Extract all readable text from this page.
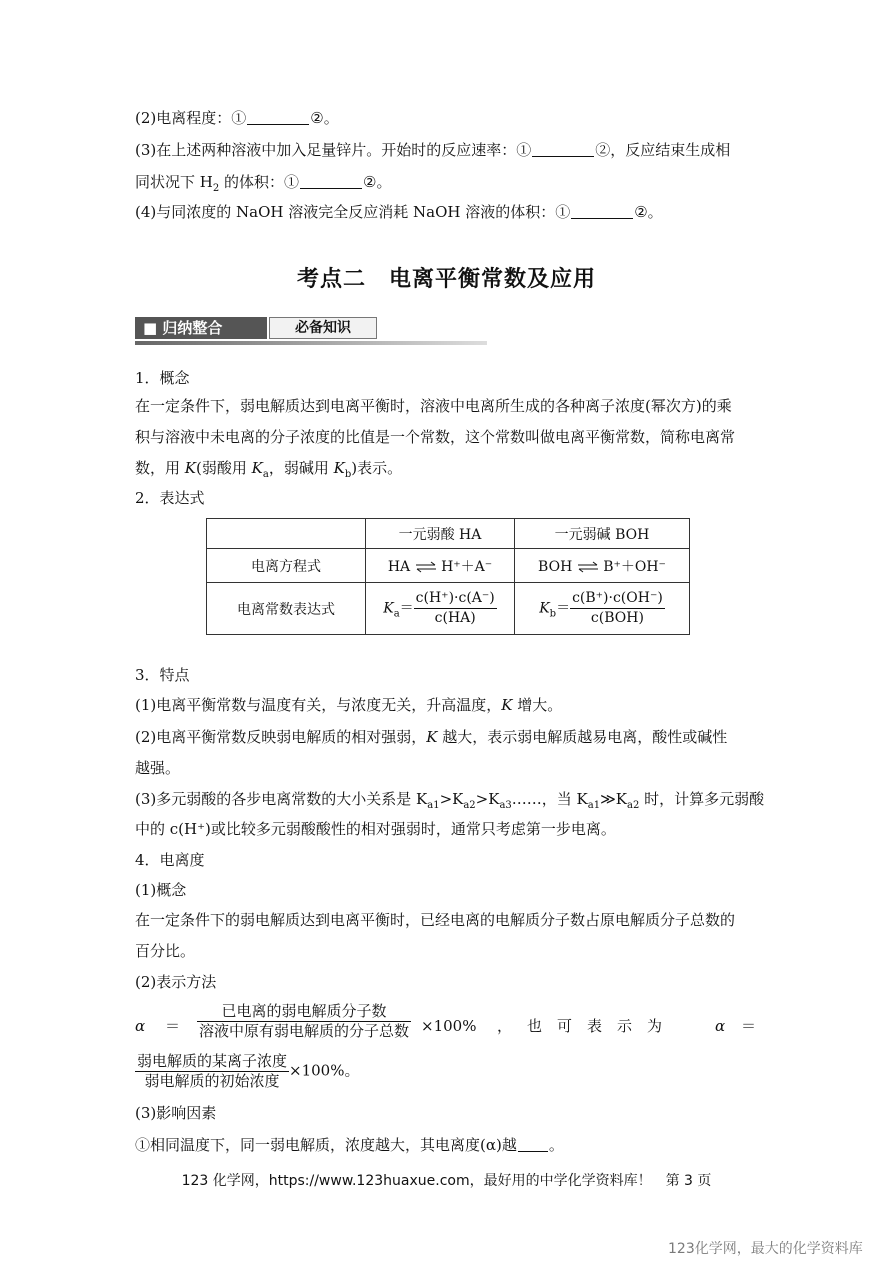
(2)电离程度：①	②。
(3)在上述两种溶液中加入足量锌片。开始时的反应速率：①	②，反应结束生成相
同状况下 $H_2$ 的体积：①	②。
(4)与同浓度的 NaOH 溶液完全反应消耗 NaOH 溶液的体积：①	②。
考点二　电离平衡常数及应用
■ 归纳整合	必备知识
1．概念
在一定条件下，弱电解质达到电离平衡时，溶液中电离所生成的各种离子浓度(幂次方)的乘
积与溶液中未电离的分子浓度的比值是一个常数，这个常数叫做电离平衡常数，简称电离常
数，用 K(弱酸用 $K_a$，弱碱用 $K_b$)表示。
2．表达式
	一元弱酸 HA	一元弱碱 BOH
电离方程式	HA ⇌ H⁺＋A⁻	BOH ⇌ B⁺＋OH⁻
电离常数表达式	$K_a= \frac{c(H^+)\cdot c(A^-)}{c(HA)}$	$K_b= \frac{c(B^+)\cdot c(OH^-)}{\text{c(BOH)}}$
3．特点
(1)电离平衡常数与温度有关，与浓度无关，升高温度，K 增大。
(2)电离平衡常数反映弱电解质的相对强弱，K 越大，表示弱电解质越易电离，酸性或碱性
越强。
(3)多元弱酸的各步电离常数的大小关系是 $K_{a1}>K_{a2}>K_{a3}\dots\dots$，当 $K_{a1}≫K_{a2}$ 时，计算多元弱酸
中的 c(H⁺)或比较多元弱酸酸性的相对强弱时，通常只考虑第一步电离。
4．电离度
(1)概念
在一定条件下的弱电解质达到电离平衡时，已经电离的电解质分子数占原电解质分子总数的
百分比。
(2)表示方法
α ＝
已电离的弱电解质分子数
溶液中原有弱电解质的分子总数 ×100% ， 也　可　表　示　为	α ＝
$\frac{\text{弱电解质的某离子浓度}}{\text{弱电解质的初始浓度}} \times 100\%$。
(3)影响因素
①相同温度下，同一弱电解质，浓度越大，其电离度(α)越 。
123 化学网，https://www.123huaxue.com，最好用的中学化学资料库！　第 3 页
123化学网，最大的化学资料库
